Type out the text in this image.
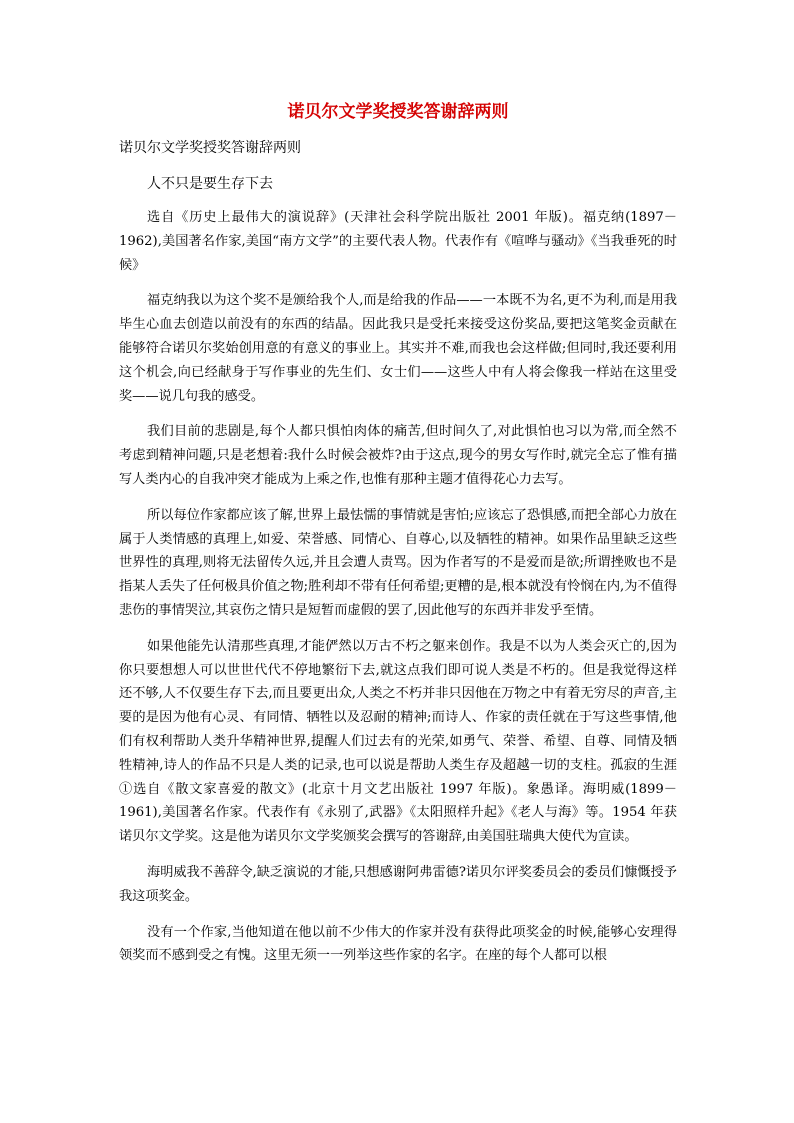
诺贝尔文学奖授奖答谢辞两则
诺贝尔文学奖授奖答谢辞两则
人不只是要生存下去

选自《历史上最伟大的演说辞》(天津社会科学院出版社 2001 年版)。福克纳(1897－1962),美国著名作家,美国“南方文学”的主要代表人物。代表作有《喧哗与骚动》《当我垂死的时候》

福克纳我以为这个奖不是颁给我个人,而是给我的作品——一本既不为名,更不为利,而是用我毕生心血去创造以前没有的东西的结晶。因此我只是受托来接受这份奖品,要把这笔奖金贡献在能够符合诺贝尔奖始创用意的有意义的事业上。其实并不难,而我也会这样做;但同时,我还要利用这个机会,向已经献身于写作事业的先生们、女士们——这些人中有人将会像我一样站在这里受奖——说几句我的感受。

我们目前的悲剧是,每个人都只惧怕肉体的痛苦,但时间久了,对此惧怕也习以为常,而全然不考虑到精神问题,只是老想着:我什么时候会被炸?由于这点,现今的男女写作时,就完全忘了惟有描写人类内心的自我冲突才能成为上乘之作,也惟有那种主题才值得花心力去写。

所以每位作家都应该了解,世界上最怯懦的事情就是害怕;应该忘了恐惧感,而把全部心力放在属于人类情感的真理上,如爱、荣誉感、同情心、自尊心,以及牺牲的精神。如果作品里缺乏这些世界性的真理,则将无法留传久远,并且会遭人责骂。因为作者写的不是爱而是欲;所谓挫败也不是指某人丢失了任何极具价值之物;胜利却不带有任何希望;更糟的是,根本就没有怜悯在内,为不值得悲伤的事情哭泣,其哀伤之情只是短暂而虚假的罢了,因此他写的东西并非发乎至情。

如果他能先认清那些真理,才能俨然以万古不朽之躯来创作。我是不以为人类会灭亡的,因为你只要想想人可以世世代代不停地繁衍下去,就这点我们即可说人类是不朽的。但是我觉得这样还不够,人不仅要生存下去,而且要更出众,人类之不朽并非只因他在万物之中有着无穷尽的声音,主要的是因为他有心灵、有同情、牺牲以及忍耐的精神;而诗人、作家的责任就在于写这些事情,他们有权利帮助人类升华精神世界,提醒人们过去有的光荣,如勇气、荣誉、希望、自尊、同情及牺牲精神,诗人的作品不只是人类的记录,也可以说是帮助人类生存及超越一切的支柱。孤寂的生涯①选自《散文家喜爱的散文》(北京十月文艺出版社 1997 年版)。象愚译。海明威(1899－1961),美国著名作家。代表作有《永别了,武器》《太阳照样升起》《老人与海》等。1954 年获诺贝尔文学奖。这是他为诺贝尔文学奖颁奖会撰写的答谢辞,由美国驻瑞典大使代为宣读。

海明威我不善辞令,缺乏演说的才能,只想感谢阿弗雷德?诺贝尔评奖委员会的委员们慷慨授予我这项奖金。

没有一个作家,当他知道在他以前不少伟大的作家并没有获得此项奖金的时候,能够心安理得领奖而不感到受之有愧。这里无须一一列举这些作家的名字。在座的每个人都可以根
